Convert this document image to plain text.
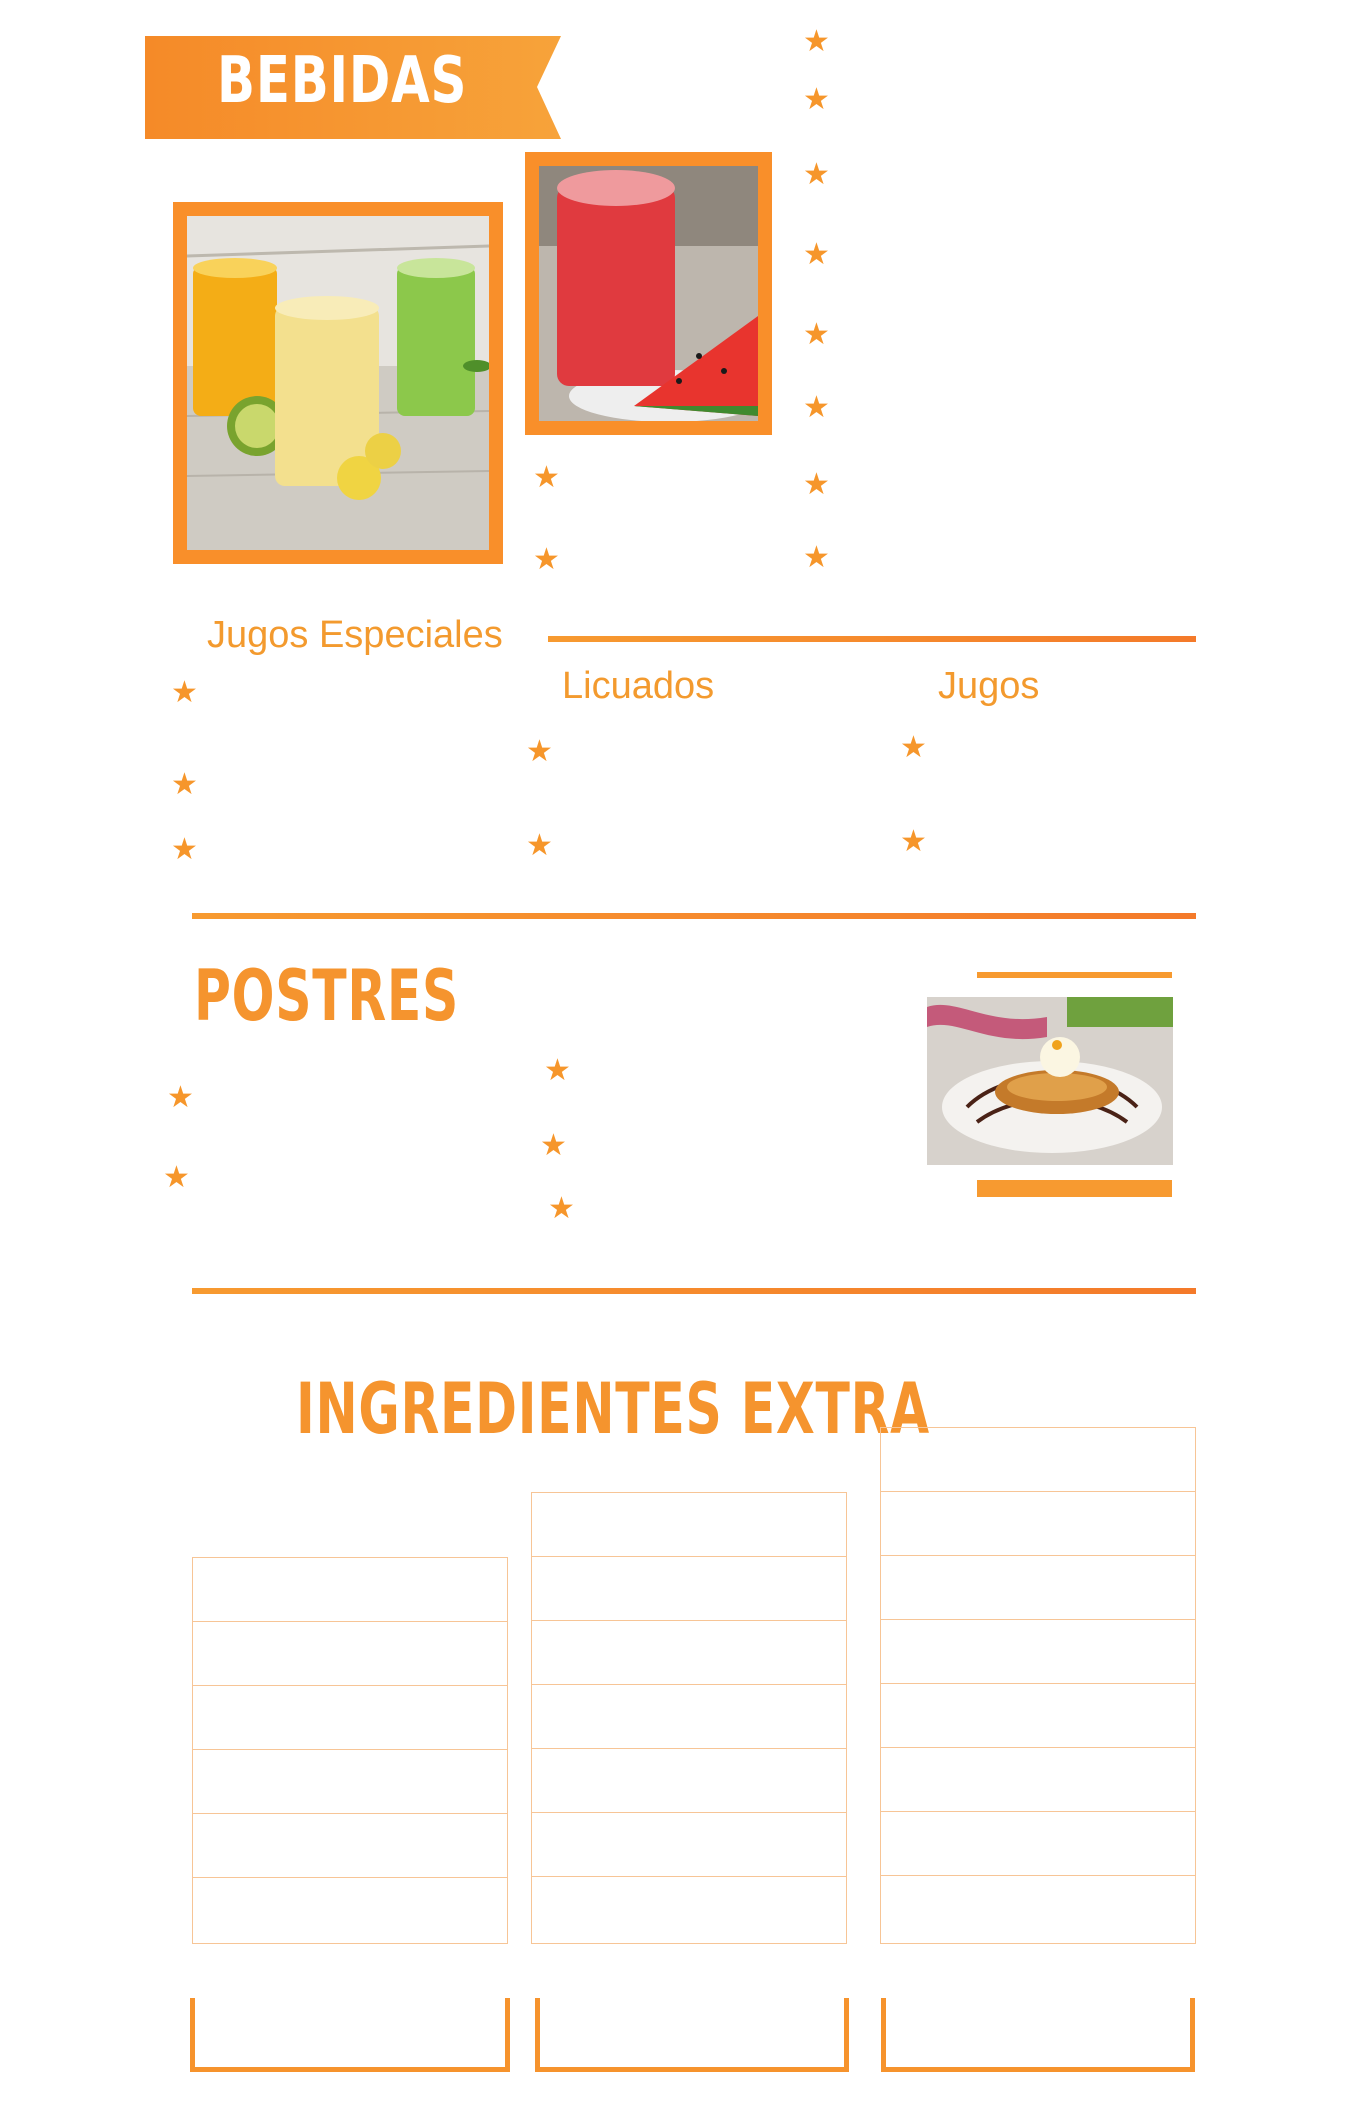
BEBIDAS
★
★
★
★
★
★
★
★
★
★
Jugos Especiales
Licuados	Jugos
★
★
★
★
★
★
★
POSTRES
★
★
★
★
★
INGREDIENTES EXTRA
